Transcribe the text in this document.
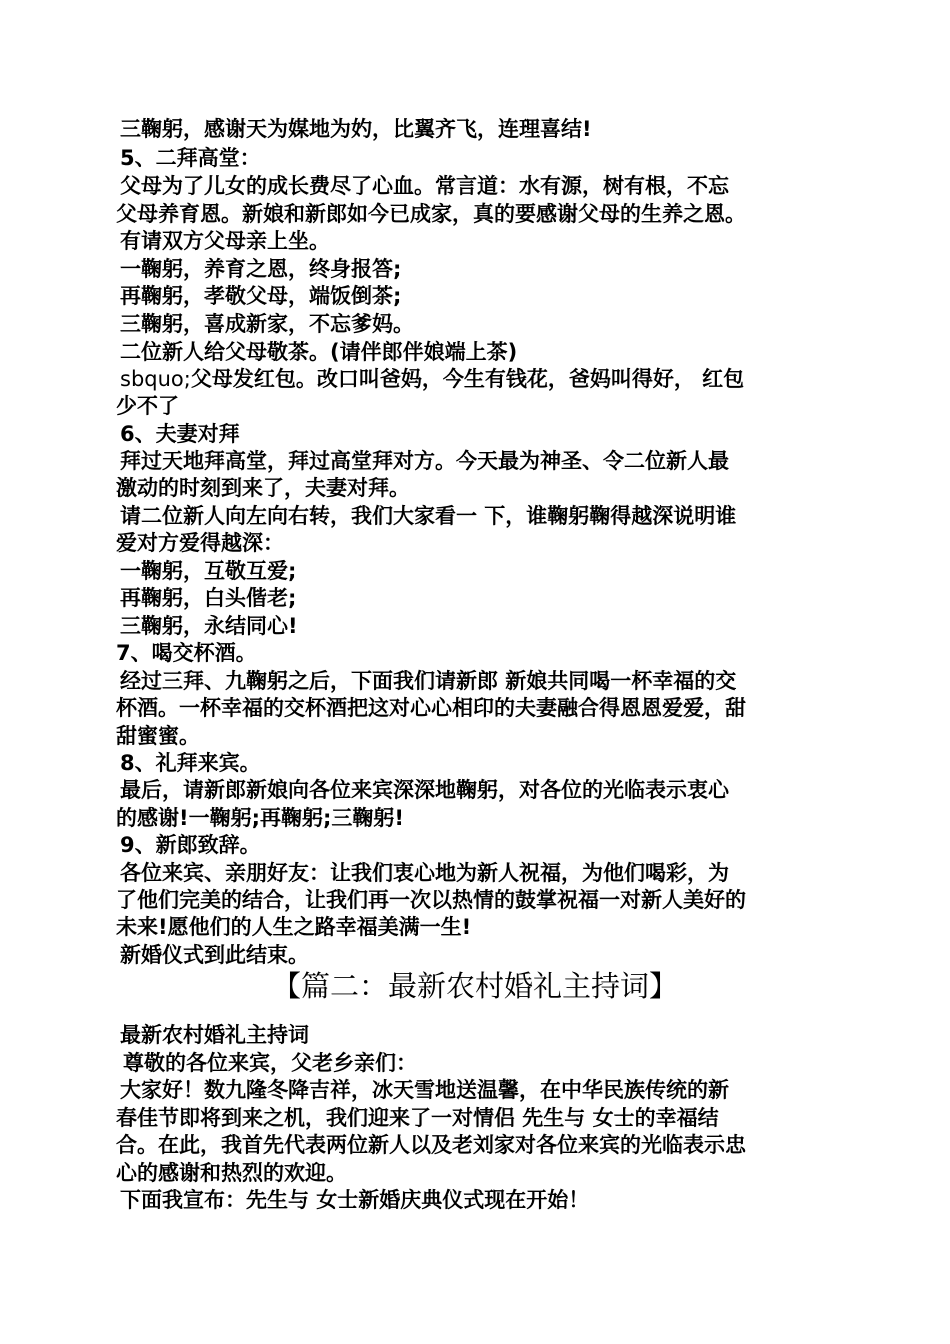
三鞠躬，感谢天为媒地为妁，比翼齐飞，连理喜结!
5、二拜高堂：
父母为了儿女的成长费尽了心血。常言道：水有源，树有根，不忘
父母养育恩。新娘和新郎如今已成家，真的要感谢父母的生养之恩。
有请双方父母亲上坐。
一鞠躬，养育之恩，终身报答;
再鞠躬，孝敬父母，端饭倒茶;
三鞠躬，喜成新家，不忘爹妈。
二位新人给父母敬茶。(请伴郎伴娘端上茶)
sbquo;父母发红包。改口叫爸妈，今生有钱花，爸妈叫得好， 红包
少不了
6、夫妻对拜
拜过天地拜高堂，拜过高堂拜对方。今天最为神圣、令二位新人最
激动的时刻到来了，夫妻对拜。
请二位新人向左向右转，我们大家看一 下，谁鞠躬鞠得越深说明谁
爱对方爱得越深：
一鞠躬，互敬互爱;
再鞠躬，白头偕老;
三鞠躬，永结同心!
7、喝交杯酒。
经过三拜、九鞠躬之后，下面我们请新郎 新娘共同喝一杯幸福的交
杯酒。一杯幸福的交杯酒把这对心心相印的夫妻融合得恩恩爱爱，甜
甜蜜蜜。
8、礼拜来宾。
最后，请新郎新娘向各位来宾深深地鞠躬，对各位的光临表示衷心
的感谢!一鞠躬;再鞠躬;三鞠躬!
9、新郎致辞。
各位来宾、亲朋好友：让我们衷心地为新人祝福，为他们喝彩，为
了他们完美的结合，让我们再一次以热情的鼓掌祝福一对新人美好的
未来!愿他们的人生之路幸福美满一生!
新婚仪式到此结束。
【篇二：最新农村婚礼主持词】
最新农村婚礼主持词
尊敬的各位来宾，父老乡亲们：
大家好！数九隆冬降吉祥，冰天雪地送温馨，在中华民族传统的新
春佳节即将到来之机，我们迎来了一对情侣 先生与 女士的幸福结
合。在此，我首先代表两位新人以及老刘家对各位来宾的光临表示忠
心的感谢和热烈的欢迎。
下面我宣布：先生与 女士新婚庆典仪式现在开始！
